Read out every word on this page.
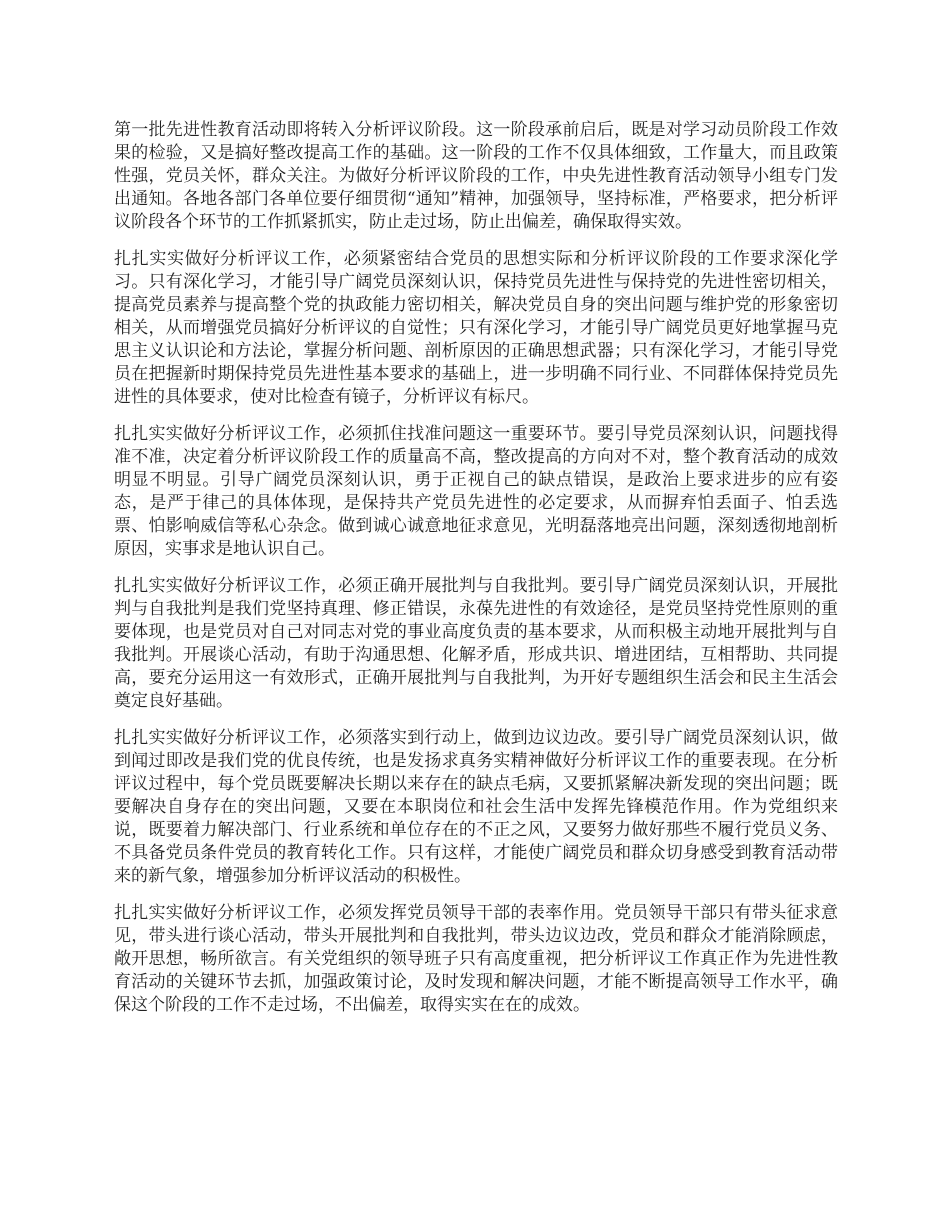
第一批先进性教育活动即将转入分析评议阶段。这一阶段承前启后，既是对学习动员阶段工作效果的检验，又是搞好整改提高工作的基础。这一阶段的工作不仅具体细致，工作量大，而且政策性强，党员关怀，群众关注。为做好分析评议阶段的工作，中央先进性教育活动领导小组专门发出通知。各地各部门各单位要仔细贯彻“通知”精神，加强领导，坚持标准，严格要求，把分析评议阶段各个环节的工作抓紧抓实，防止走过场，防止出偏差，确保取得实效。

扎扎实实做好分析评议工作，必须紧密结合党员的思想实际和分析评议阶段的工作要求深化学习。只有深化学习，才能引导广阔党员深刻认识，保持党员先进性与保持党的先进性密切相关，提高党员素养与提高整个党的执政能力密切相关，解决党员自身的突出问题与维护党的形象密切相关，从而增强党员搞好分析评议的自觉性；只有深化学习，才能引导广阔党员更好地掌握马克思主义认识论和方法论，掌握分析问题、剖析原因的正确思想武器；只有深化学习，才能引导党员在把握新时期保持党员先进性基本要求的基础上，进一步明确不同行业、不同群体保持党员先进性的具体要求，使对比检查有镜子，分析评议有标尺。

扎扎实实做好分析评议工作，必须抓住找准问题这一重要环节。要引导党员深刻认识，问题找得准不准，决定着分析评议阶段工作的质量高不高，整改提高的方向对不对，整个教育活动的成效明显不明显。引导广阔党员深刻认识，勇于正视自己的缺点错误，是政治上要求进步的应有姿态，是严于律己的具体体现，是保持共产党员先进性的必定要求，从而摒弃怕丢面子、怕丢选票、怕影响威信等私心杂念。做到诚心诚意地征求意见，光明磊落地亮出问题，深刻透彻地剖析原因，实事求是地认识自己。

扎扎实实做好分析评议工作，必须正确开展批判与自我批判。要引导广阔党员深刻认识，开展批判与自我批判是我们党坚持真理、修正错误，永葆先进性的有效途径，是党员坚持党性原则的重要体现，也是党员对自己对同志对党的事业高度负责的基本要求，从而积极主动地开展批判与自我批判。开展谈心活动，有助于沟通思想、化解矛盾，形成共识、增进团结，互相帮助、共同提高，要充分运用这一有效形式，正确开展批判与自我批判，为开好专题组织生活会和民主生活会奠定良好基础。

扎扎实实做好分析评议工作，必须落实到行动上，做到边议边改。要引导广阔党员深刻认识，做到闻过即改是我们党的优良传统，也是发扬求真务实精神做好分析评议工作的重要表现。在分析评议过程中，每个党员既要解决长期以来存在的缺点毛病，又要抓紧解决新发现的突出问题；既要解决自身存在的突出问题，又要在本职岗位和社会生活中发挥先锋模范作用。作为党组织来说，既要着力解决部门、行业系统和单位存在的不正之风，又要努力做好那些不履行党员义务、不具备党员条件党员的教育转化工作。只有这样，才能使广阔党员和群众切身感受到教育活动带来的新气象，增强参加分析评议活动的积极性。

扎扎实实做好分析评议工作，必须发挥党员领导干部的表率作用。党员领导干部只有带头征求意见，带头进行谈心活动，带头开展批判和自我批判，带头边议边改，党员和群众才能消除顾虑，敞开思想，畅所欲言。有关党组织的领导班子只有高度重视，把分析评议工作真正作为先进性教育活动的关键环节去抓，加强政策讨论，及时发现和解决问题，才能不断提高领导工作水平，确保这个阶段的工作不走过场，不出偏差，取得实实在在的成效。
